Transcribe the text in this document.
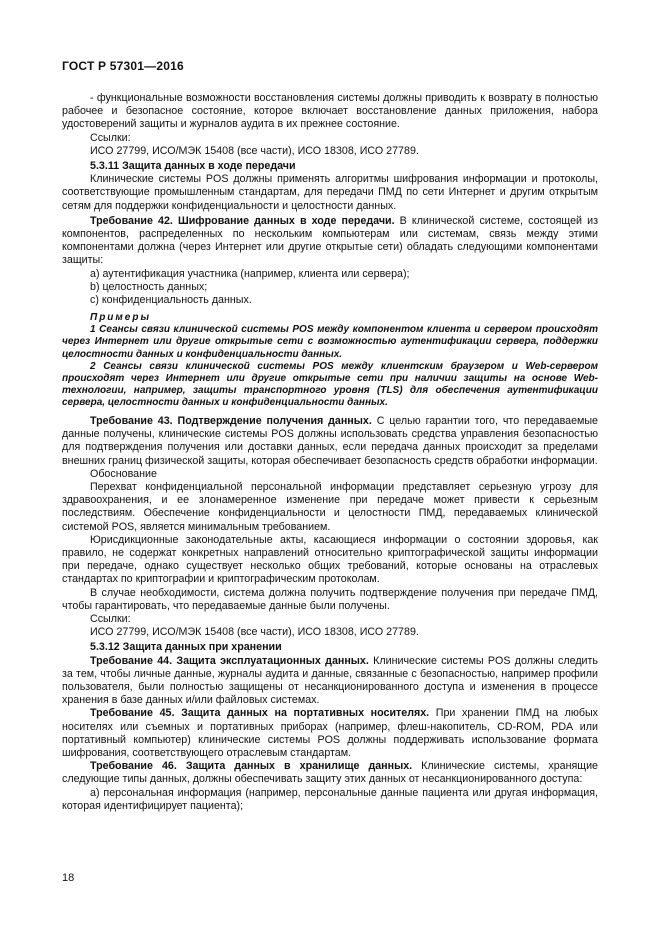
ГОСТ Р 57301—2016

- функциональные возможности восстановления системы должны приводить к возврату в полностью рабочее и безопасное состояние, которое включает восстановление данных приложения, набора удостоверений защиты и журналов аудита в их прежнее состояние.

Ссылки:

ИСО 27799, ИСО/МЭК 15408 (все части), ИСО 18308, ИСО 27789.

5.3.11 Защита данных в ходе передачи

Клинические системы POS должны применять алгоритмы шифрования информации и протоколы, соответствующие промышленным стандартам, для передачи ПМД по сети Интернет и другим открытым сетям для поддержки конфиденциальности и целостности данных.

Требование 42. Шифрование данных в ходе передачи. В клинической системе, состоящей из компонентов, распределенных по нескольким компьютерам или системам, связь между этими компонентами должна (через Интернет или другие открытые сети) обладать следующими компонентами защиты:

a) аутентификация участника (например, клиента или сервера);

b) целостность данных;

c) конфиденциальность данных.

Примеры

1 Сеансы связи клинической системы POS между компонентом клиента и сервером происходят через Интернет или другие открытые сети с возможностью аутентификации сервера, поддержки целостности данных и конфиденциальности данных.

2 Сеансы связи клинической системы POS между клиентским браузером и Web-сервером происходят через Интернет или другие открытые сети при наличии защиты на основе Web-технологии, например, защиты транспортного уровня (TLS) для обеспечения аутентификации сервера, целостности данных и конфиденциальности данных.

Требование 43. Подтверждение получения данных. С целью гарантии того, что передаваемые данные получены, клинические системы POS должны использовать средства управления безопасностью для подтверждения получения или доставки данных, если передача данных происходит за пределами внешних границ физической защиты, которая обеспечивает безопасность средств обработки информации.

Обоснование

Перехват конфиденциальной персональной информации представляет серьезную угрозу для здравоохранения, и ее злонамеренное изменение при передаче может привести к серьезным последствиям. Обеспечение конфиденциальности и целостности ПМД, передаваемых клинической системой POS, является минимальным требованием.

Юрисдикционные законодательные акты, касающиеся информации о состоянии здоровья, как правило, не содержат конкретных направлений относительно криптографической защиты информации при передаче, однако существует несколько общих требований, которые основаны на отраслевых стандартах по криптографии и криптографическим протоколам.

В случае необходимости, система должна получить подтверждение получения при передаче ПМД, чтобы гарантировать, что передаваемые данные были получены.

Ссылки:

ИСО 27799, ИСО/МЭК 15408 (все части), ИСО 18308, ИСО 27789.

5.3.12 Защита данных при хранении

Требование 44. Защита эксплуатационных данных. Клинические системы POS должны следить за тем, чтобы личные данные, журналы аудита и данные, связанные с безопасностью, например профили пользователя, были полностью защищены от несанкционированного доступа и изменения в процессе хранения в базе данных и/или файловых системах.

Требование 45. Защита данных на портативных носителях. При хранении ПМД на любых носителях или съемных и портативных приборах (например, флеш-накопитель, CD-ROM, PDA или портативный компьютер) клинические системы POS должны поддерживать использование формата шифрования, соответствующего отраслевым стандартам.

Требование 46. Защита данных в хранилище данных. Клинические системы, хранящие следующие типы данных, должны обеспечивать защиту этих данных от несанкционированного доступа:

a) персональная информация (например, персональные данные пациента или другая информация, которая идентифицирует пациента);

18
